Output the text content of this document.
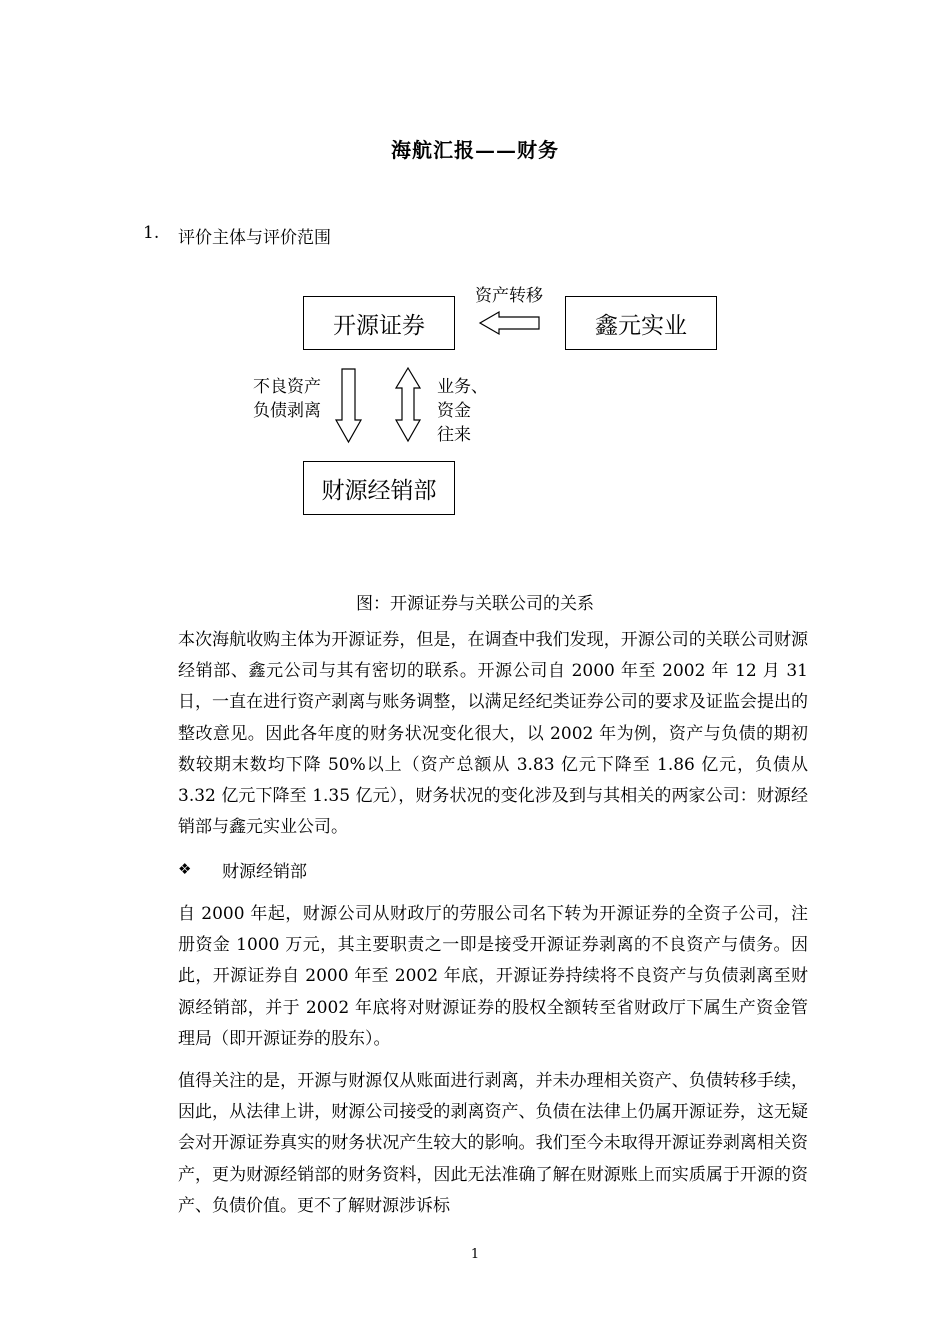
海航汇报——财务
1. 评价主体与评价范围
开源证券	鑫元实业
财源经销部
资产转移
不良资产
负债剥离
业务、
资金
往来
图：开源证券与关联公司的关系
本次海航收购主体为开源证券，但是，在调查中我们发现，开源公司的关联公司财源经销部、鑫元公司与其有密切的联系。开源公司自 2000 年至 2002 年 12 月 31 日，一直在进行资产剥离与账务调整，以满足经纪类证券公司的要求及证监会提出的整改意见。因此各年度的财务状况变化很大，以 2002 年为例，资产与负债的期初数较期末数均下降 50%以上（资产总额从 3.83 亿元下降至 1.86 亿元，负债从 3.32 亿元下降至 1.35 亿元），财务状况的变化涉及到与其相关的两家公司：财源经销部与鑫元实业公司。
❖ 财源经销部
自 2000 年起，财源公司从财政厅的劳服公司名下转为开源证券的全资子公司，注册资金 1000 万元，其主要职责之一即是接受开源证券剥离的不良资产与债务。因此，开源证券自 2000 年至 2002 年底，开源证券持续将不良资产与负债剥离至财源经销部，并于 2002 年底将对财源证券的股权全额转至省财政厅下属生产资金管理局（即开源证券的股东）。
值得关注的是，开源与财源仅从账面进行剥离，并未办理相关资产、负债转移手续，因此，从法律上讲，财源公司接受的剥离资产、负债在法律上仍属开源证券，这无疑会对开源证券真实的财务状况产生较大的影响。我们至今未取得开源证券剥离相关资产，更为财源经销部的财务资料，因此无法准确了解在财源账上而实质属于开源的资产、负债价值。更不了解财源涉诉标
1
